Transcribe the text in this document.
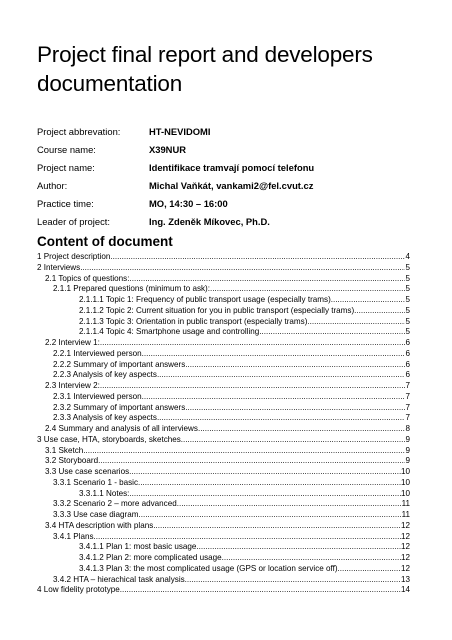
Project final report and developers documentation
Project abbrevation:	HT-NEVIDOMI
Course name:	X39NUR
Project name:	Identifikace tramvají pomocí telefonu
Author:	Michal Vaňkát, vankami2@fel.cvut.cz
Practice time:	MO, 14:30 – 16:00
Leader of project:	Ing. Zdeněk Míkovec, Ph.D.
Content of document
1 Project description .....	4
2 Interviews .....	5
2.1 Topics of questions: .....	5
2.1.1 Prepared questions (minimum to ask): .....	5
2.1.1.1 Topic 1: Frequency of public transport usage (especially trams) .....	5
2.1.1.2 Topic 2: Current situation for you in public transport (especially trams) .....	5
2.1.1.3 Topic 3: Orientation in public transport (especially trams) .....	5
2.1.1.4 Topic 4: Smartphone usage and controlling .....	5
2.2 Interview 1: .....	6
2.2.1 Interviewed person .....	6
2.2.2 Summary of important answers .....	6
2.2.3 Analysis of key aspects .....	6
2.3 Interview 2: .....	7
2.3.1 Interviewed person .....	7
2.3.2 Summary of important answers .....	7
2.3.3 Analysis of key aspects .....	7
2.4 Summary and analysis of all interviews .....	8
3 Use case, HTA, storyboards, sketches .....	9
3.1 Sketch .....	9
3.2 Storyboard .....	9
3.3 Use case scenarios .....	10
3.3.1 Scenario 1 - basic .....	10
3.3.1.1 Notes: .....	10
3.3.2 Scenario 2 – more advanced .....	11
3.3.3 Use case diagram .....	11
3.4 HTA description with plans .....	12
3.4.1 Plans .....	12
3.4.1.1 Plan 1: most basic usage .....	12
3.4.1.2 Plan 2: more complicated usage .....	12
3.4.1.3 Plan 3: the most complicated usage (GPS or location service off) .....	12
3.4.2 HTA – hierachical task analysis .....	13
4 Low fidelity prototype .....	14
